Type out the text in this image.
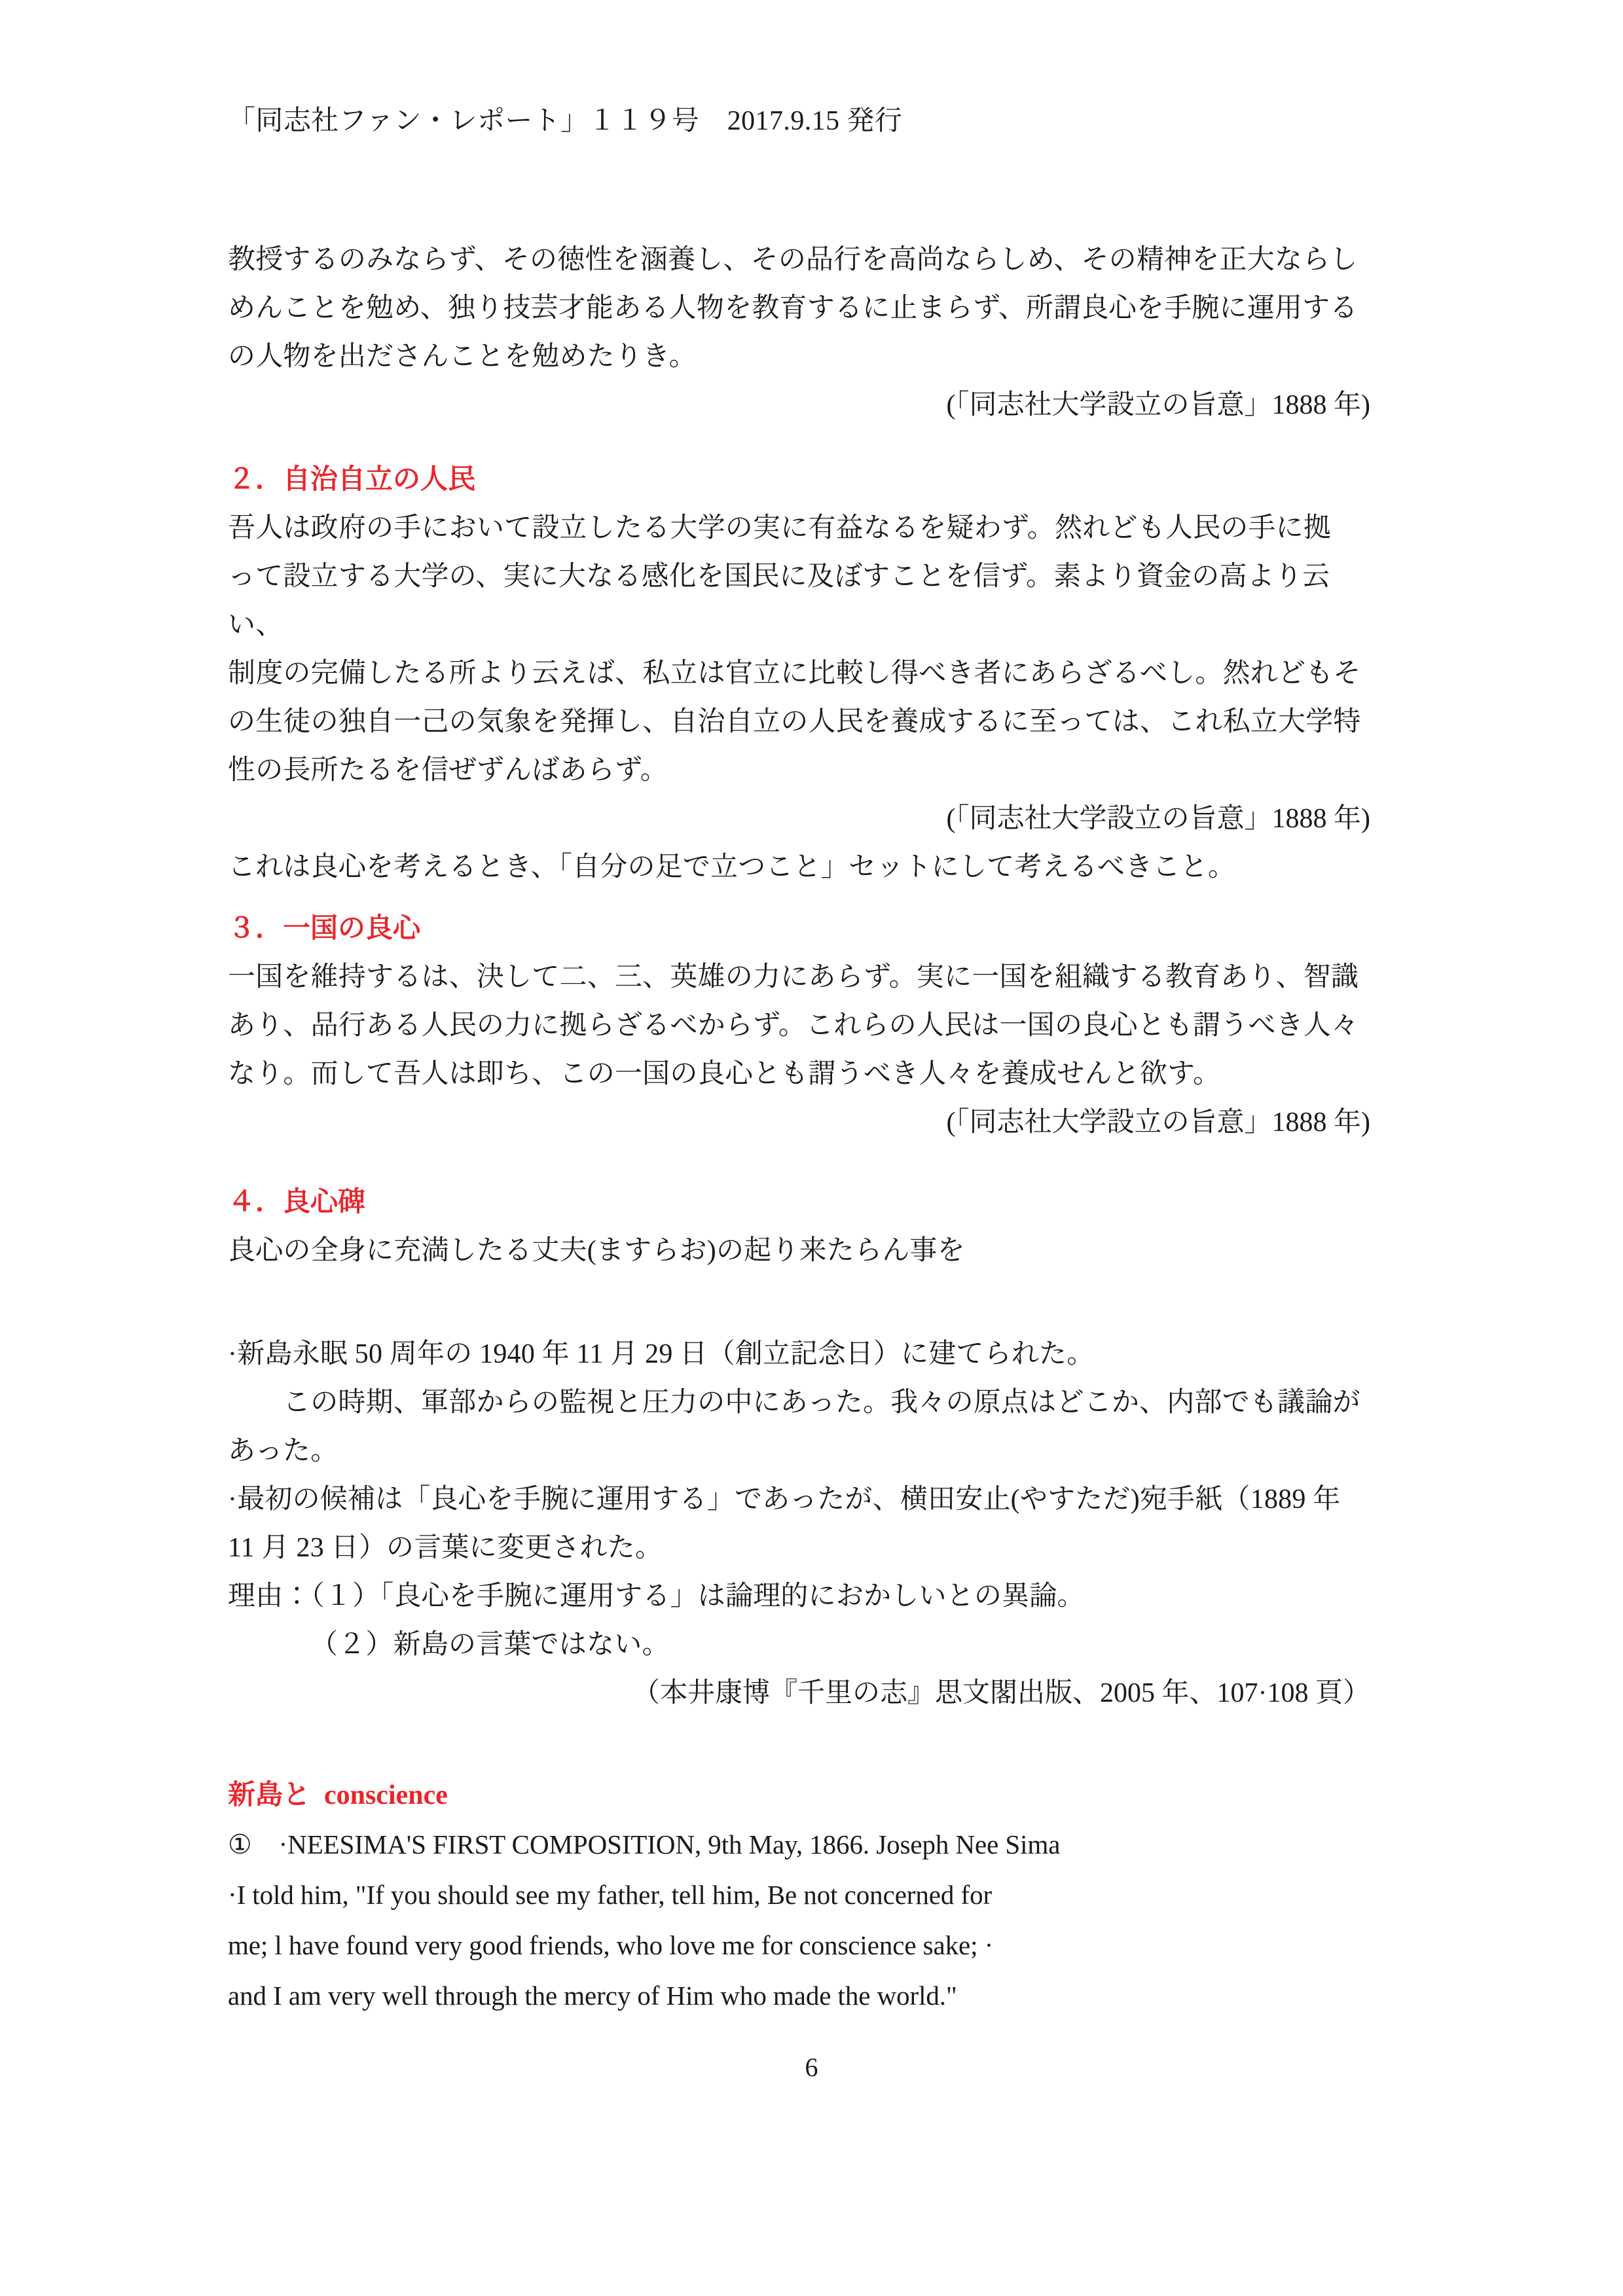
「同志社ファン・レポート」１１９号　2017.9.15 発行
教授するのみならず、その徳性を涵養し、その品行を高尚ならしめ、その精神を正大ならし
めんことを勉め、独り技芸才能ある人物を教育するに止まらず、所謂良心を手腕に運用する
の人物を出ださんことを勉めたりき。
(「同志社大学設立の旨意」1888 年)
２．自治自立の人民
吾人は政府の手において設立したる大学の実に有益なるを疑わず。然れども人民の手に拠
って設立する大学の、実に大なる感化を国民に及ぼすことを信ず。素より資金の高より云い、
制度の完備したる所より云えば、私立は官立に比較し得べき者にあらざるべし。然れどもそ
の生徒の独自一己の気象を発揮し、自治自立の人民を養成するに至っては、これ私立大学特
性の長所たるを信ぜずんばあらず。
(「同志社大学設立の旨意」1888 年)
これは良心を考えるとき、「自分の足で立つこと」セットにして考えるべきこと。
３．一国の良心
一国を維持するは、決して二、三、英雄の力にあらず。実に一国を組織する教育あり、智識
あり、品行ある人民の力に拠らざるべからず。これらの人民は一国の良心とも謂うべき人々
なり。而して吾人は即ち、この一国の良心とも謂うべき人々を養成せんと欲す。
(「同志社大学設立の旨意」1888 年)
４．良心碑
良心の全身に充満したる丈夫(ますらお)の起り来たらん事を
·新島永眠 50 周年の 1940 年 11 月 29 日（創立記念日）に建てられた。
この時期、軍部からの監視と圧力の中にあった。我々の原点はどこか、内部でも議論が
あった。
·最初の候補は「良心を手腕に運用する」であったが、横田安止(やすただ)宛手紙（1889 年
11 月 23 日）の言葉に変更された。
理由：（１）「良心を手腕に運用する」は論理的におかしいとの異論。
（２）新島の言葉ではない。
（本井康博『千里の志』思文閣出版、2005 年、107·108 頁）
新島と  conscience
①　 ·NEESIMA'S FIRST COMPOSITION, 9th May, 1866. Joseph Nee Sima
·I told him, "If you should see my father, tell him, Be not concerned for
me; l have found very good friends, who love me for conscience sake; ·
and I am very well through the mercy of Him who made the world."
6
